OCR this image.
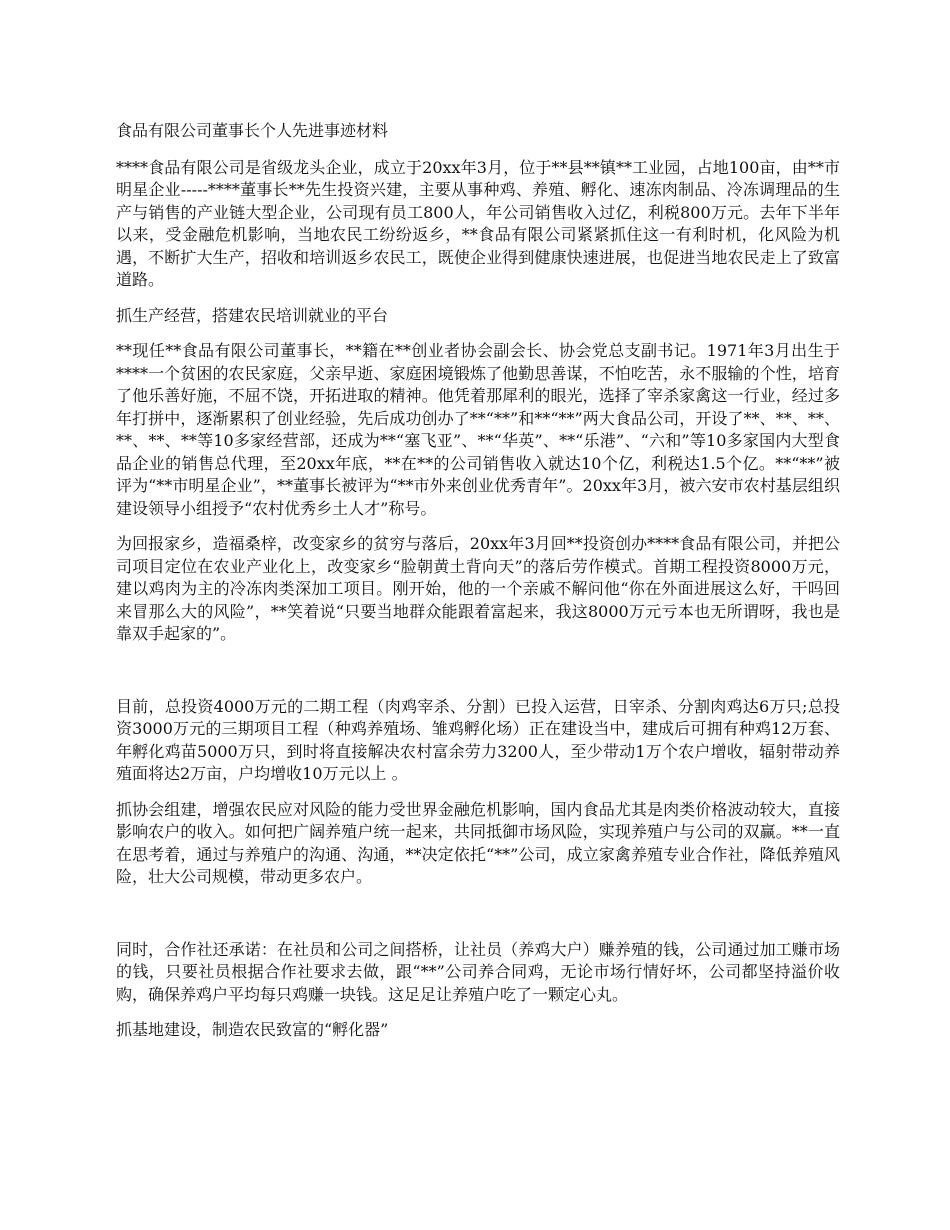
食品有限公司董事长个人先进事迹材料

****食品有限公司是省级龙头企业，成立于20xx年3月，位于**县**镇**工业园，占地100亩，由**市明星企业-----****董事长**先生投资兴建，主要从事种鸡、养殖、孵化、速冻肉制品、冷冻调理品的生产与销售的产业链大型企业，公司现有员工800人，年公司销售收入过亿，利税800万元。去年下半年以来，受金融危机影响，当地农民工纷纷返乡，**食品有限公司紧紧抓住这一有利时机，化风险为机遇，不断扩大生产，招收和培训返乡农民工，既使企业得到健康快速进展，也促进当地农民走上了致富道路。

抓生产经营，搭建农民培训就业的平台

**现任**食品有限公司董事长，**籍在**创业者协会副会长、协会党总支副书记。1971年3月出生于****一个贫困的农民家庭，父亲早逝、家庭困境锻炼了他勤思善谋，不怕吃苦，永不服输的个性，培育了他乐善好施，不屈不饶，开拓进取的精神。他凭着那犀利的眼光，选择了宰杀家禽这一行业，经过多年打拼中，逐渐累积了创业经验，先后成功创办了**“**”和**“**”两大食品公司，开设了**、**、**、**、**、**等10多家经营部，还成为**“塞飞亚”、**“华英”、**“乐港”、“六和”等10多家国内大型食品企业的销售总代理，至20xx年底，**在**的公司销售收入就达10个亿，利税达1.5个亿。**“**”被评为“**市明星企业”，**董事长被评为“**市外来创业优秀青年”。20xx年3月，被六安市农村基层组织建设领导小组授予“农村优秀乡土人才”称号。

为回报家乡，造福桑梓，改变家乡的贫穷与落后，20xx年3月回**投资创办****食品有限公司，并把公司项目定位在农业产业化上，改变家乡“脸朝黄土背向天”的落后劳作模式。首期工程投资8000万元，建以鸡肉为主的冷冻肉类深加工项目。刚开始，他的一个亲戚不解问他“你在外面进展这么好，干吗回来冒那么大的风险”，**笑着说“只要当地群众能跟着富起来，我这8000万元亏本也无所谓呀，我也是靠双手起家的”。

目前，总投资4000万元的二期工程（肉鸡宰杀、分割）已投入运营，日宰杀、分割肉鸡达6万只;总投资3000万元的三期项目工程（种鸡养殖场、雏鸡孵化场）正在建设当中，建成后可拥有种鸡12万套、年孵化鸡苗5000万只，到时将直接解决农村富余劳力3200人，至少带动1万个农户增收，辐射带动养殖面将达2万亩，户均增收10万元以上 。

抓协会组建，增强农民应对风险的能力受世界金融危机影响，国内食品尤其是肉类价格波动较大，直接影响农户的收入。如何把广阔养殖户统一起来，共同抵御市场风险，实现养殖户与公司的双赢。**一直在思考着，通过与养殖户的沟通、沟通，**决定依托“**”公司，成立家禽养殖专业合作社，降低养殖风险，壮大公司规模，带动更多农户。

同时，合作社还承诺：在社员和公司之间搭桥，让社员（养鸡大户）赚养殖的钱，公司通过加工赚市场的钱，只要社员根据合作社要求去做，跟“**”公司养合同鸡，无论市场行情好坏，公司都坚持溢价收购，确保养鸡户平均每只鸡赚一块钱。这足足让养殖户吃了一颗定心丸。

抓基地建设，制造农民致富的“孵化器”
